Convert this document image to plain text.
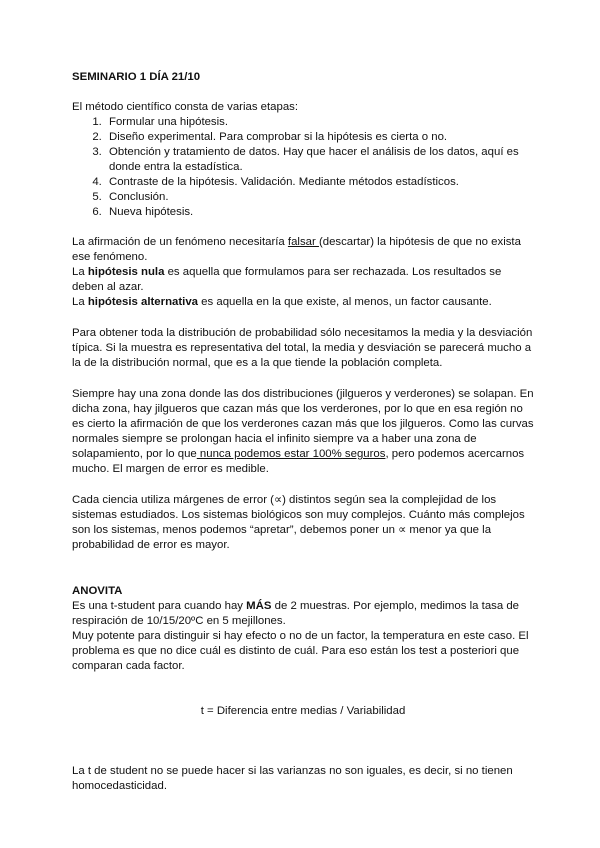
SEMINARIO 1 DÍA 21/10

El método científico consta de varias etapas:

1. Formular una hipótesis.
2. Diseño experimental. Para comprobar si la hipótesis es cierta o no.
3. Obtención y tratamiento de datos. Hay que hacer el análisis de los datos, aquí es donde entra la estadística.
4. Contraste de la hipótesis. Validación. Mediante métodos estadísticos.
5. Conclusión.
6. Nueva hipótesis.

La afirmación de un fenómeno necesitaría falsar (descartar) la hipótesis de que no exista ese fenómeno.

La hipótesis nula es aquella que formulamos para ser rechazada. Los resultados se deben al azar.

La hipótesis alternativa es aquella en la que existe, al menos, un factor causante.

Para obtener toda la distribución de probabilidad sólo necesitamos la media y la desviación típica. Si la muestra es representativa del total, la media y desviación se parecerá mucho a la de la distribución normal, que es a la que tiende la población completa.

Siempre hay una zona donde las dos distribuciones (jilgueros y verderones) se solapan. En dicha zona, hay jilgueros que cazan más que los verderones, por lo que en esa región no es cierto la afirmación de que los verderones cazan más que los jilgueros. Como las curvas normales siempre se prolongan hacia el infinito siempre va a haber una zona de solapamiento, por lo que nunca podemos estar 100% seguros, pero podemos acercarnos mucho. El margen de error es medible.

Cada ciencia utiliza márgenes de error (∝) distintos según sea la complejidad de los sistemas estudiados. Los sistemas biológicos son muy complejos. Cuánto más complejos son los sistemas, menos podemos “apretar”, debemos poner un ∝ menor ya que la probabilidad de error es mayor.

ANOVITA

Es una t-student para cuando hay MÁS de 2 muestras. Por ejemplo, medimos la tasa de respiración de 10/15/20ºC en 5 mejillones.

Muy potente para distinguir si hay efecto o no de un factor, la temperatura en este caso. El problema es que no dice cuál es distinto de cuál. Para eso están los test a posteriori que comparan cada factor.

t = Diferencia entre medias / Variabilidad

La t de student no se puede hacer si las varianzas no son iguales, es decir, si no tienen homocedasticidad.
